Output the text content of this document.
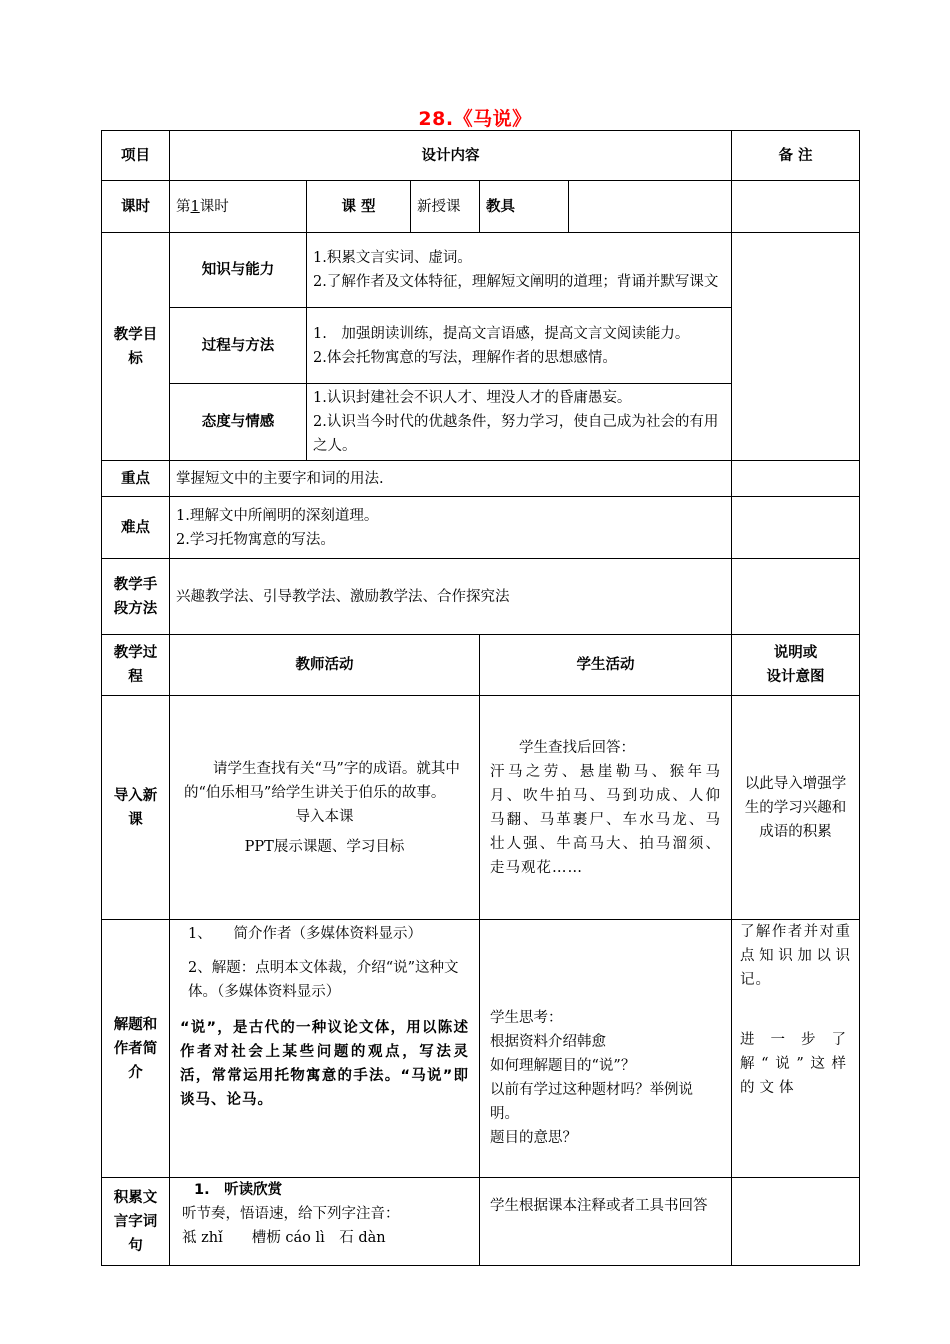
28.《马说》
项目	设计内容					备 注
课时	第1课时	课 型	新授课	教具		
教学目标	知识与能力	1.积累文言实词、虚词。
2.了解作者及文体特征，理解短文阐明的道理；背诵并默写课文				

	过程与方法	1.　加强朗读训练，提高文言语感，提高文言文阅读能力。
2.体会托物寓意的写法，理解作者的思想感情。				

	态度与情感	1.认识封建社会不识人才、埋没人才的昏庸愚妄。
2.认识当今时代的优越条件，努力学习，使自己成为社会的有用之人。				

重点	掌握短文中的主要字和词的用法.					
难点	1.理解文中所阐明的深刻道理。
2.学习托物寓意的写法。					

教学手段方法	兴趣教学法、引导教学法、激励教学法、合作探究法					
教学过程	教师活动			学生活动		说明或
设计意图
导入新课	　　请学生查找有关“马”字的成语。就其中的“伯乐相马”给学生讲关于伯乐的故事。
导入本课
PPT展示课题、学习目标			　　学生查找后回答：
汗马之劳、悬崖勒马、猴年马月、吹牛拍马、马到功成、人仰马翻、马革裹尸、车水马龙、马壮人强、牛高马大、拍马溜须、走马观花……		以此导入增强学生的学习兴趣和成语的积累
解题和作者简介	1、　　简介作者（多媒体资料显示）
2、解题：点明本文体裁，介绍“说”这种文体。（多媒体资料显示）
“说”，是古代的一种议论文体，用以陈述作者对社会上某些问题的观点，写法灵活，常常运用托物寓意的手法。“马说”即谈马、论马。			学生思考：
根据资料介绍韩愈
如何理解题目的“说”？
以前有学过这种题材吗？举例说明。
题目的意思？		了解作者并对重点知识加以识记。
进一步了解“说”这样的文体

积累文言字词句	1.　听读欣赏
听节奏，悟语速，给下列字注音：
祗 zhǐ　　槽枥 cáo lì　石 dàn			学生根据课本注释或者工具书回答		
